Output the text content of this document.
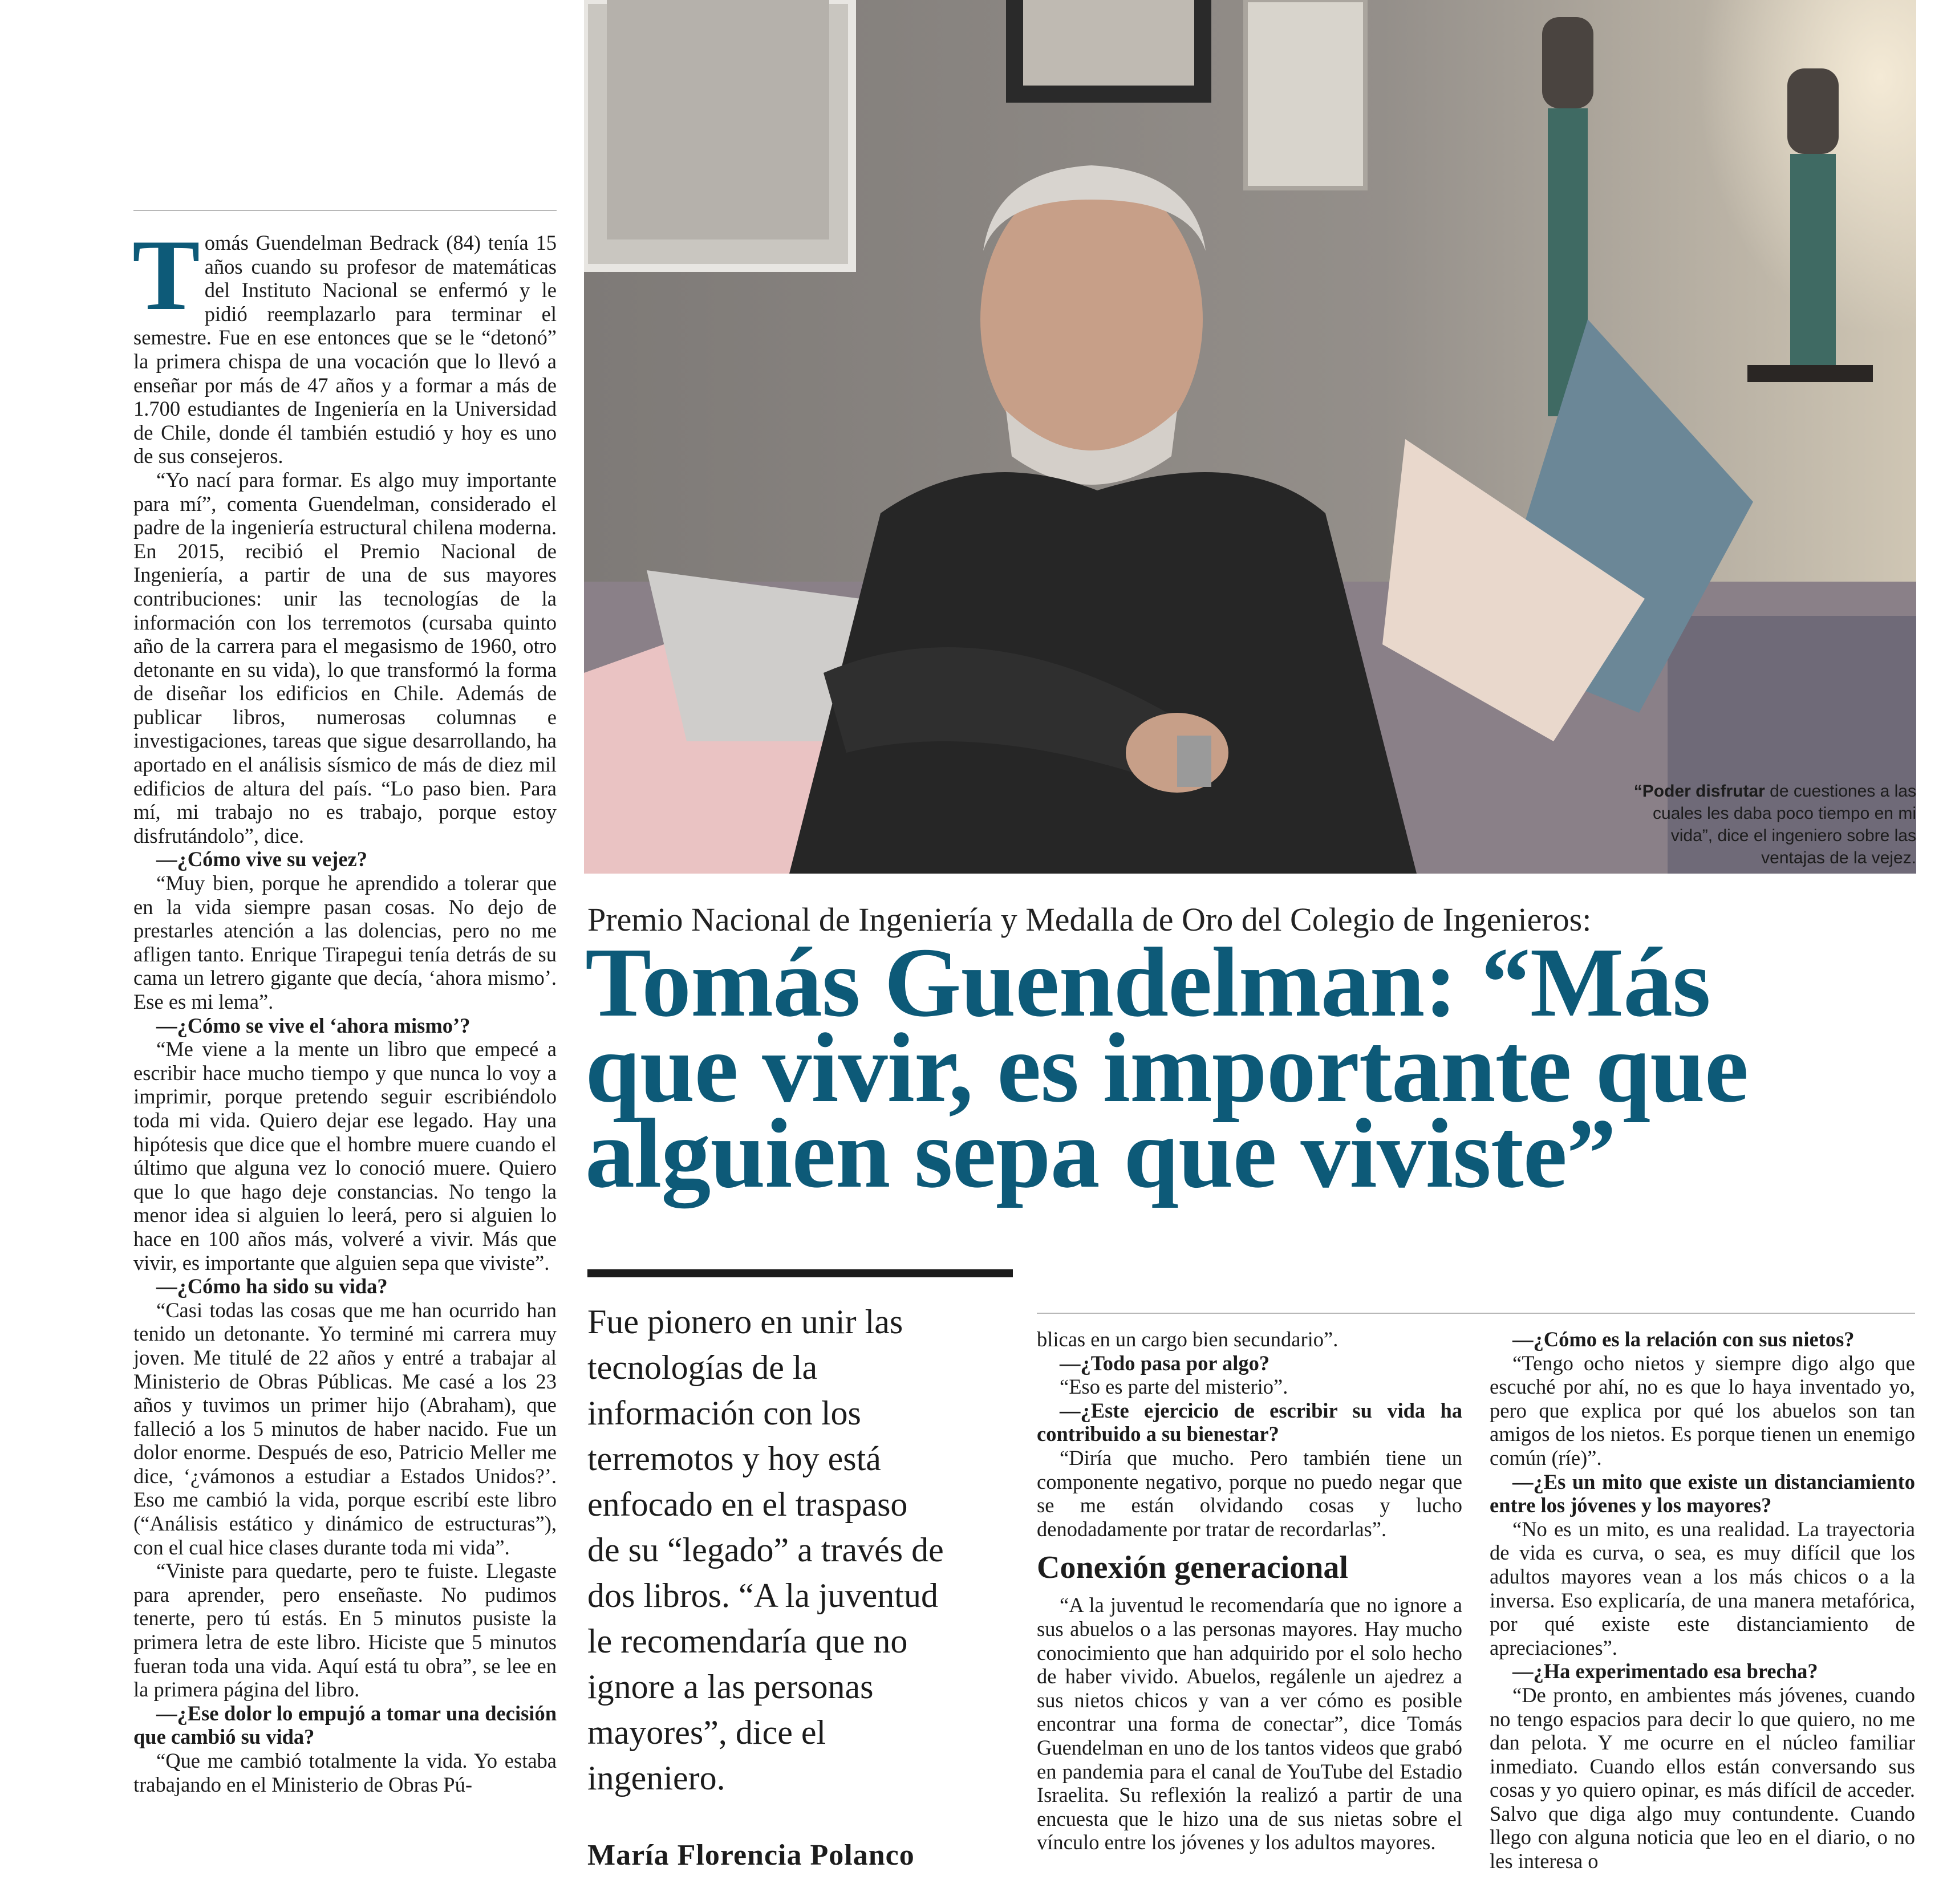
T omás Guendelman Bedrack (84) tenía 15 años cuando su profesor de matemáticas del Instituto Nacional se enfermó y le pidió reemplazarlo para terminar el semestre. Fue en ese entonces que se le “detonó” la primera chispa de una vocación que lo llevó a enseñar por más de 47 años y a formar a más de 1.700 estudiantes de Ingeniería en la Universidad de Chile, donde él también estudió y hoy es uno de sus consejeros.

“Yo nací para formar. Es algo muy importante para mí”, comenta Guendelman, considerado el padre de la ingeniería estructural chilena moderna. En 2015, recibió el Premio Nacional de Ingeniería, a partir de una de sus mayores contribuciones: unir las tecnologías de la información con los terremotos (cursaba quinto año de la carrera para el megasismo de 1960, otro detonante en su vida), lo que transformó la forma de diseñar los edificios en Chile. Además de publicar libros, numerosas columnas e investigaciones, tareas que sigue desarrollando, ha aportado en el análisis sísmico de más de diez mil edificios de altura del país. “Lo paso bien. Para mí, mi trabajo no es trabajo, porque estoy disfrutándolo”, dice.

—¿Cómo vive su vejez?

“Muy bien, porque he aprendido a tolerar que en la vida siempre pasan cosas. No dejo de prestarles atención a las dolencias, pero no me afligen tanto. Enrique Tirapegui tenía detrás de su cama un letrero gigante que decía, ‘ahora mismo’. Ese es mi lema”.

—¿Cómo se vive el ‘ahora mismo’?

“Me viene a la mente un libro que empecé a escribir hace mucho tiempo y que nunca lo voy a imprimir, porque pretendo seguir escribiéndolo toda mi vida. Quiero dejar ese legado. Hay una hipótesis que dice que el hombre muere cuando el último que alguna vez lo conoció muere. Quiero que lo que hago deje constancias. No tengo la menor idea si alguien lo leerá, pero si alguien lo hace en 100 años más, volveré a vivir. Más que vivir, es importante que alguien sepa que viviste”.

—¿Cómo ha sido su vida?

“Casi todas las cosas que me han ocurrido han tenido un detonante. Yo terminé mi carrera muy joven. Me titulé de 22 años y entré a trabajar al Ministerio de Obras Públicas. Me casé a los 23 años y tuvimos un primer hijo (Abraham), que falleció a los 5 minutos de haber nacido. Fue un dolor enorme. Después de eso, Patricio Meller me dice, ‘¿vámonos a estudiar a Estados Unidos?’. Eso me cambió la vida, porque escribí este libro (“Análisis estático y dinámico de estructuras”), con el cual hice clases durante toda mi vida”.

“Viniste para quedarte, pero te fuiste. Llegaste para aprender, pero enseñaste. No pudimos tenerte, pero tú estás. En 5 minutos pusiste la primera letra de este libro. Hiciste que 5 minutos fueran toda una vida. Aquí está tu obra”, se lee en la primera página del libro.

—¿Ese dolor lo empujó a tomar una decisión que cambió su vida?

“Que me cambió totalmente la vida. Yo estaba trabajando en el Ministerio de Obras Pú-

“Poder disfrutar de cuestiones a las cuales les daba poco tiempo en mi vida”, dice el ingeniero sobre las ventajas de la vejez.
Premio Nacional de Ingeniería y Medalla de Oro del Colegio de Ingenieros:
Tomás Guendelman: “Más
que vivir, es importante que
alguien sepa que viviste”
Fue pionero en unir las
tecnologías de la
información con los
terremotos y hoy está
enfocado en el traspaso
de su “legado” a través de
dos libros. “A la juventud
le recomendaría que no
ignore a las personas
mayores”, dice el
ingeniero.
María Florencia Polanco

blicas en un cargo bien secundario”.

—¿Todo pasa por algo?

“Eso es parte del misterio”.

—¿Este ejercicio de escribir su vida ha contribuido a su bienestar?

“Diría que mucho. Pero también tiene un componente negativo, porque no puedo negar que se me están olvidando cosas y lucho denodadamente por tratar de recordarlas”.

Conexión generacional

“A la juventud le recomendaría que no ignore a sus abuelos o a las personas mayores. Hay mucho conocimiento que han adquirido por el solo hecho de haber vivido. Abuelos, regálenle un ajedrez a sus nietos chicos y van a ver cómo es posible encontrar una forma de conectar”, dice Tomás Guendelman en uno de los tantos videos que grabó en pandemia para el canal de YouTube del Estadio Israelita. Su reflexión la realizó a partir de una encuesta que le hizo una de sus nietas sobre el vínculo entre los jóvenes y los adultos mayores.

—¿Cómo es la relación con sus nietos?

“Tengo ocho nietos y siempre digo algo que escuché por ahí, no es que lo haya inventado yo, pero que explica por qué los abuelos son tan amigos de los nietos. Es porque tienen un enemigo común (ríe)”.

—¿Es un mito que existe un distanciamiento entre los jóvenes y los mayores?

“No es un mito, es una realidad. La trayectoria de vida es curva, o sea, es muy difícil que los adultos mayores vean a los más chicos o a la inversa. Eso explicaría, de una manera metafórica, por qué existe este distanciamiento de apreciaciones”.

—¿Ha experimentado esa brecha?

“De pronto, en ambientes más jóvenes, cuando no tengo espacios para decir lo que quiero, no me dan pelota. Y me ocurre en el núcleo familiar inmediato. Cuando ellos están conversando sus cosas y yo quiero opinar, es más difícil de acceder. Salvo que diga algo muy contundente. Cuando llego con alguna noticia que leo en el diario, o no les interesa o
